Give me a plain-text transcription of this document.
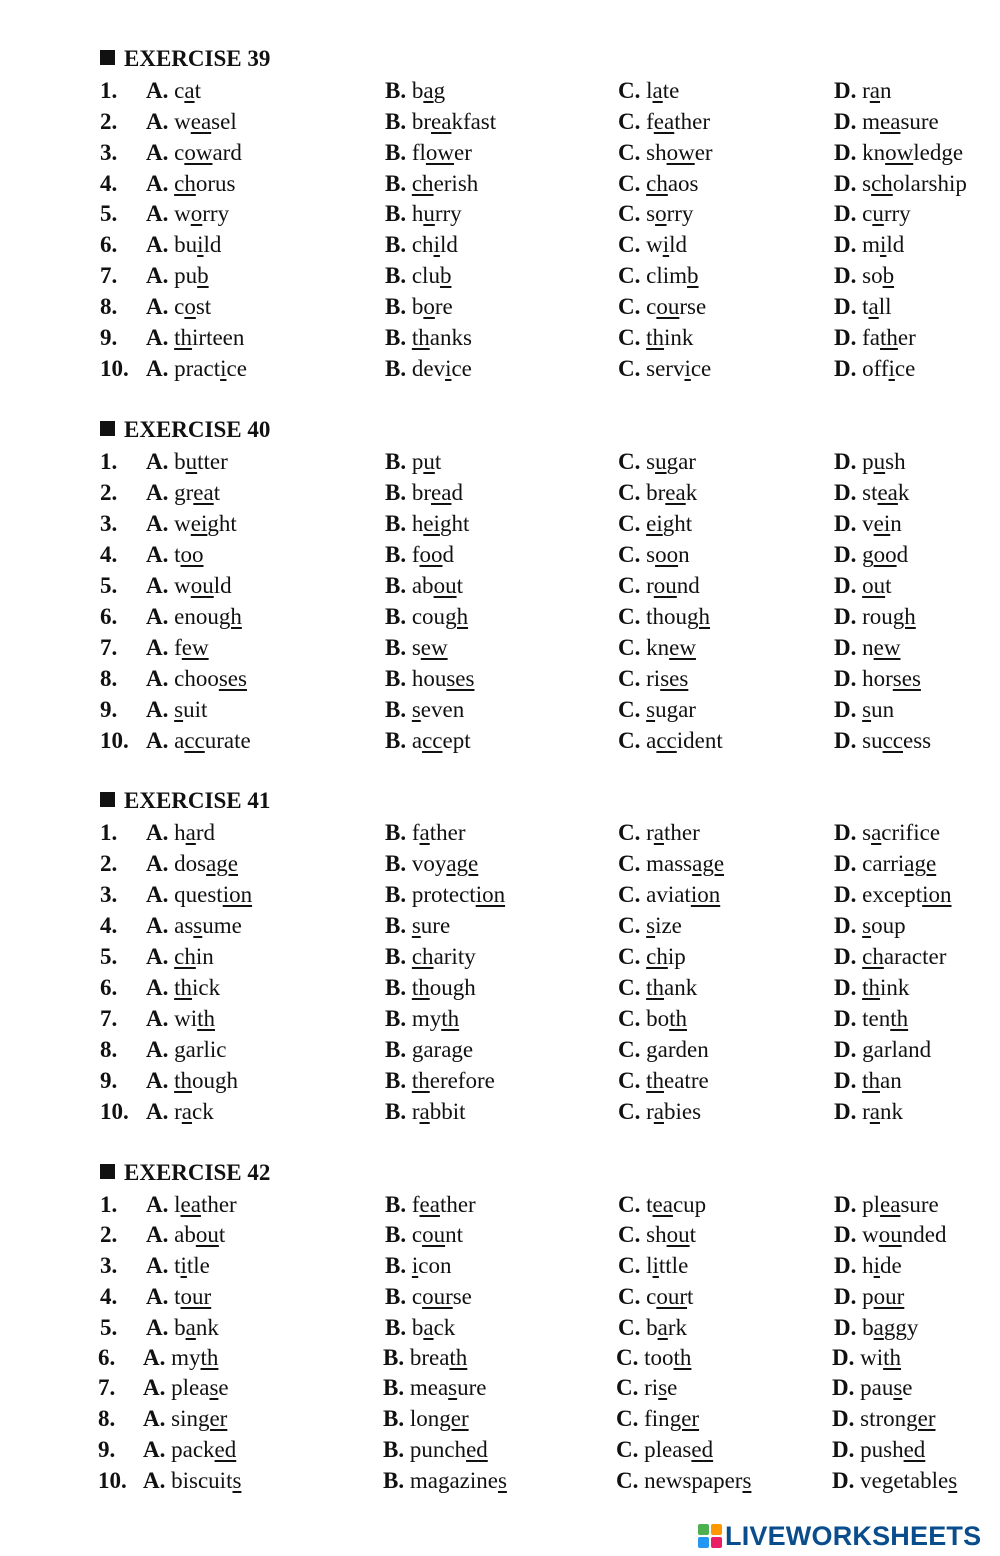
EXERCISE 39
1. A. cat	B. bag	C. late	D. ran
2. A. weasel	B. breakfast	C. feather	D. measure
3. A. coward	B. flower	C. shower	D. knowledge
4. A. chorus	B. cherish	C. chaos	D. scholarship
5. A. worry	B. hurry	C. sorry	D. curry
6. A. build	B. child	C. wild	D. mild
7. A. pub	B. club	C. climb	D. sob
8. A. cost	B. bore	C. course	D. tall
9. A. thirteen	B. thanks	C. think	D. father
10. A. practice	B. device	C. service	D. office
EXERCISE 40
1. A. butter	B. put	C. sugar	D. push
2. A. great	B. bread	C. break	D. steak
3. A. weight	B. height	C. eight	D. vein
4. A. too	B. food	C. soon	D. good
5. A. would	B. about	C. round	D. out
6. A. enough	B. cough	C. though	D. rough
7. A. few	B. sew	C. knew	D. new
8. A. chooses	B. houses	C. rises	D. horses
9. A. suit	B. seven	C. sugar	D. sun
10. A. accurate	B. accept	C. accident	D. success
EXERCISE 41
1. A. hard	B. father	C. rather	D. sacrifice
2. A. dosage	B. voyage	C. massage	D. carriage
3. A. question	B. protection	C. aviation	D. exception
4. A. assume	B. sure	C. size	D. soup
5. A. chin	B. charity	C. chip	D. character
6. A. thick	B. though	C. thank	D. think
7. A. with	B. myth	C. both	D. tenth
8. A. garlic	B. garage	C. garden	D. garland
9. A. though	B. therefore	C. theatre	D. than
10. A. rack	B. rabbit	C. rabies	D. rank
EXERCISE 42
1. A. leather	B. feather	C. teacup	D. pleasure
2. A. about	B. count	C. shout	D. wounded
3. A. title	B. icon	C. little	D. hide
4. A. tour	B. course	C. court	D. pour
5. A. bank	B. back	C. bark	D. baggy
6. A. myth	B. breath	C. tooth	D. with
7. A. please	B. measure	C. rise	D. pause
8. A. singer	B. longer	C. finger	D. stronger
9. A. packed	B. punched	C. pleased	D. pushed
10. A. biscuits	B. magazines	C. newspapers	D. vegetables
LIVEWORKSHEETS
